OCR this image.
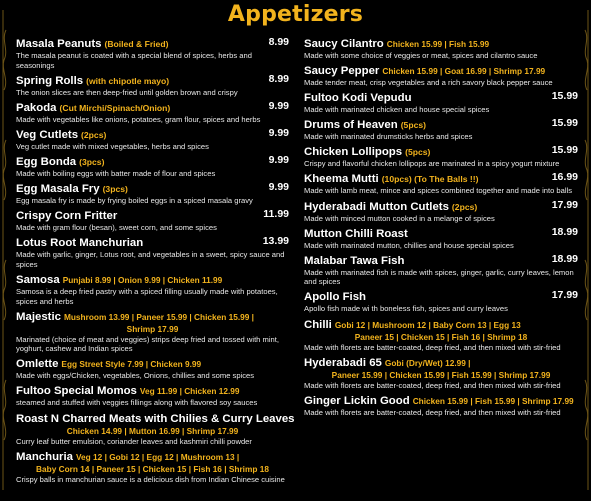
Appetizers
Masala Peanuts (Boiled & Fried)	8.99
The masala peanut is coated with a special blend of spices, herbs and seasonings
Spring Rolls (with chipotle mayo)	8.99
The onion slices are then deep-fried until golden brown and crispy
Pakoda (Cut Mirchi/Spinach/Onion)	9.99
Made with vegetables like onions, potatoes, gram flour, spices and herbs
Veg Cutlets (2pcs)	9.99
Veg cutlet made with mixed vegetables, herbs and spices
Egg Bonda (3pcs)	9.99
Made with boiling eggs with batter made of flour and spices
Egg Masala Fry (3pcs)	9.99
Egg masala fry is made by frying boiled eggs in a spiced masala gravy
Crispy Corn Fritter	11.99
Made with gram flour (besan), sweet corn, and some spices
Lotus Root Manchurian	13.99
Made with garlic, ginger, Lotus root, and vegetables in a sweet, spicy sauce and spices
Samosa Punjabi 8.99 | Onion 9.99 | Chicken 11.99
Samosa is a deep fried pastry with a spiced filling usually made with potatoes, spices and herbs
Majestic Mushroom 13.99 | Paneer 15.99 | Chicken 15.99 |
Shrimp 17.99
Marinated (choice of meat and veggies) strips deep fried and tossed with mint, yoghurt, cashew and Indian spices
Omlette Egg Street Style 7.99 | Chicken 9.99
Made with eggs/Chicken, vegetables, Onions, chillies and some spices
Fultoo Special Momos Veg 11.99 | Chicken 12.99
steamed and stuffed with veggies fillings along with flavored soy sauces
Roast N Charred Meats with Chilies & Curry Leaves
Chicken 14.99 | Mutton 16.99 | Shrimp 17.99
Curry leaf butter emulsion, coriander leaves and kashmiri chilli powder
Manchuria Veg 12 | Gobi 12 | Egg 12 | Mushroom 13 |
Baby Corn 14 | Paneer 15 | Chicken 15 | Fish 16 | Shrimp 18
Crispy balls in manchurian sauce is a delicious dish from Indian Chinese cuisine
Saucy Cilantro Chicken 15.99 | Fish 15.99
Made with some choice of veggies or meat, spices and cilantro sauce
Saucy Pepper Chicken 15.99 | Goat 16.99 | Shrimp 17.99
Made tender meat, crisp vegetables and a rich savory black pepper sauce
Fultoo Kodi Vepudu	15.99
Made with marinated chicken and house special spices
Drums of Heaven (5pcs)	15.99
Made with marinated drumsticks herbs and spices
Chicken Lollipops (5pcs)	15.99
Crispy and flavorful chicken lollipops are marinated in a spicy yogurt mixture
Kheema Mutti (10pcs) (To The Balls !!)	16.99
Made with lamb meat, mince and spices combined together and made into balls
Hyderabadi Mutton Cutlets (2pcs)	17.99
Made with minced mutton cooked in a melange of spices
Mutton Chilli Roast	18.99
Made with marinated mutton, chillies and house special spices
Malabar Tawa Fish	18.99
Made with marinated fish is made with spices, ginger, garlic, curry leaves, lemon and spices
Apollo Fish	17.99
Apollo fish made wi th boneless fish, spices and curry leaves
Chilli Gobi 12 | Mushroom 12 | Baby Corn 13 | Egg 13
Paneer 15 | Chicken 15 | Fish 16 | Shrimp 18
Made with florets are batter-coated, deep fried, and then mixed with stir-fried
Hyderabadi 65 Gobi (Dry/Wet) 12.99 |
Paneer 15.99 | Chicken 15.99 | Fish 15.99 | Shrimp 17.99
Made with florets are batter-coated, deep fried, and then mixed with stir-fried
Ginger Lickin Good Chicken 15.99 | Fish 15.99 | Shrimp 17.99
Made with florets are batter-coated, deep fried, and then mixed with stir-fried
